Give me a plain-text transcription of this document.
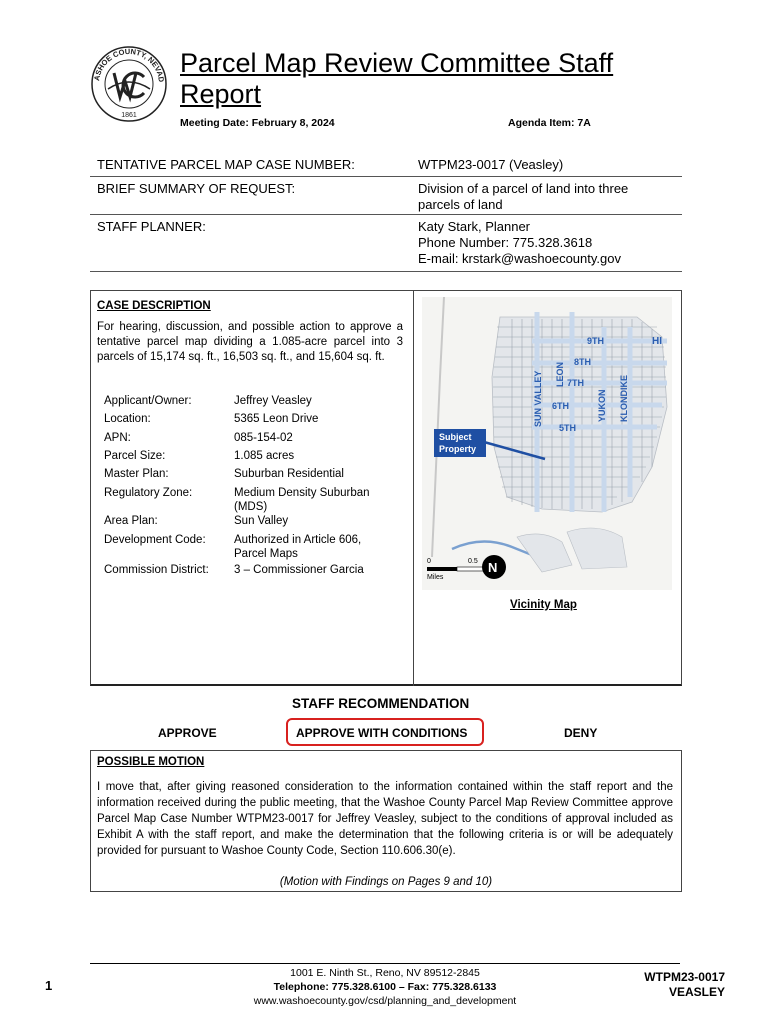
ASHOE COUNTY, NEVAD
1861
Parcel Map Review Committee Staff Report
Meeting Date: February 8, 2024	Agenda Item: 7A
TENTATIVE PARCEL MAP CASE NUMBER:	WTPM23-0017 (Veasley)
BRIEF SUMMARY OF REQUEST:	Division of a parcel of land into three
parcels of land
STAFF PLANNER:	Katy Stark, Planner
Phone Number: 775.328.3618
E-mail: krstark@washoecounty.gov
CASE DESCRIPTION
For hearing, discussion, and possible action to approve a tentative parcel map dividing a 1.085-acre parcel into 3 parcels of 15,174 sq. ft., 16,503 sq. ft., and 15,604 sq. ft.
Applicant/Owner:	Jeffrey Veasley
Location:	5365 Leon Drive
APN:	085-154-02
Parcel Size:	1.085 acres
Master Plan:	Suburban Residential
Regulatory Zone:	Medium Density Suburban
(MDS)
Area Plan:	Sun Valley
Development Code: Authorized in Article 606,
Parcel Maps
Commission District: 3 – Commissioner Garcia
9TH
8TH
7TH
6TH
5TH
SUN VALLEY LEON
YUKON KLONDIKE
HI
Subject
Property
0	0.5
Miles
N
Vicinity Map
STAFF RECOMMENDATION
APPROVE	APPROVE WITH CONDITIONS	DENY
POSSIBLE MOTION
I move that, after giving reasoned consideration to the information contained within the staff report and the information received during the public meeting, that the Washoe County Parcel Map Review Committee approve Parcel Map Case Number WTPM23-0017 for Jeffrey Veasley, subject to the conditions of approval included as Exhibit A with the staff report, and make the determination that the following criteria is or will be adequately provided for pursuant to Washoe County Code, Section 110.606.30(e).
(Motion with Findings on Pages 9 and 10)
1
1001 E. Ninth St., Reno, NV 89512-2845
Telephone: 775.328.6100 – Fax: 775.328.6133
www.washoecounty.gov/csd/planning_and_development
WTPM23-0017
VEASLEY
